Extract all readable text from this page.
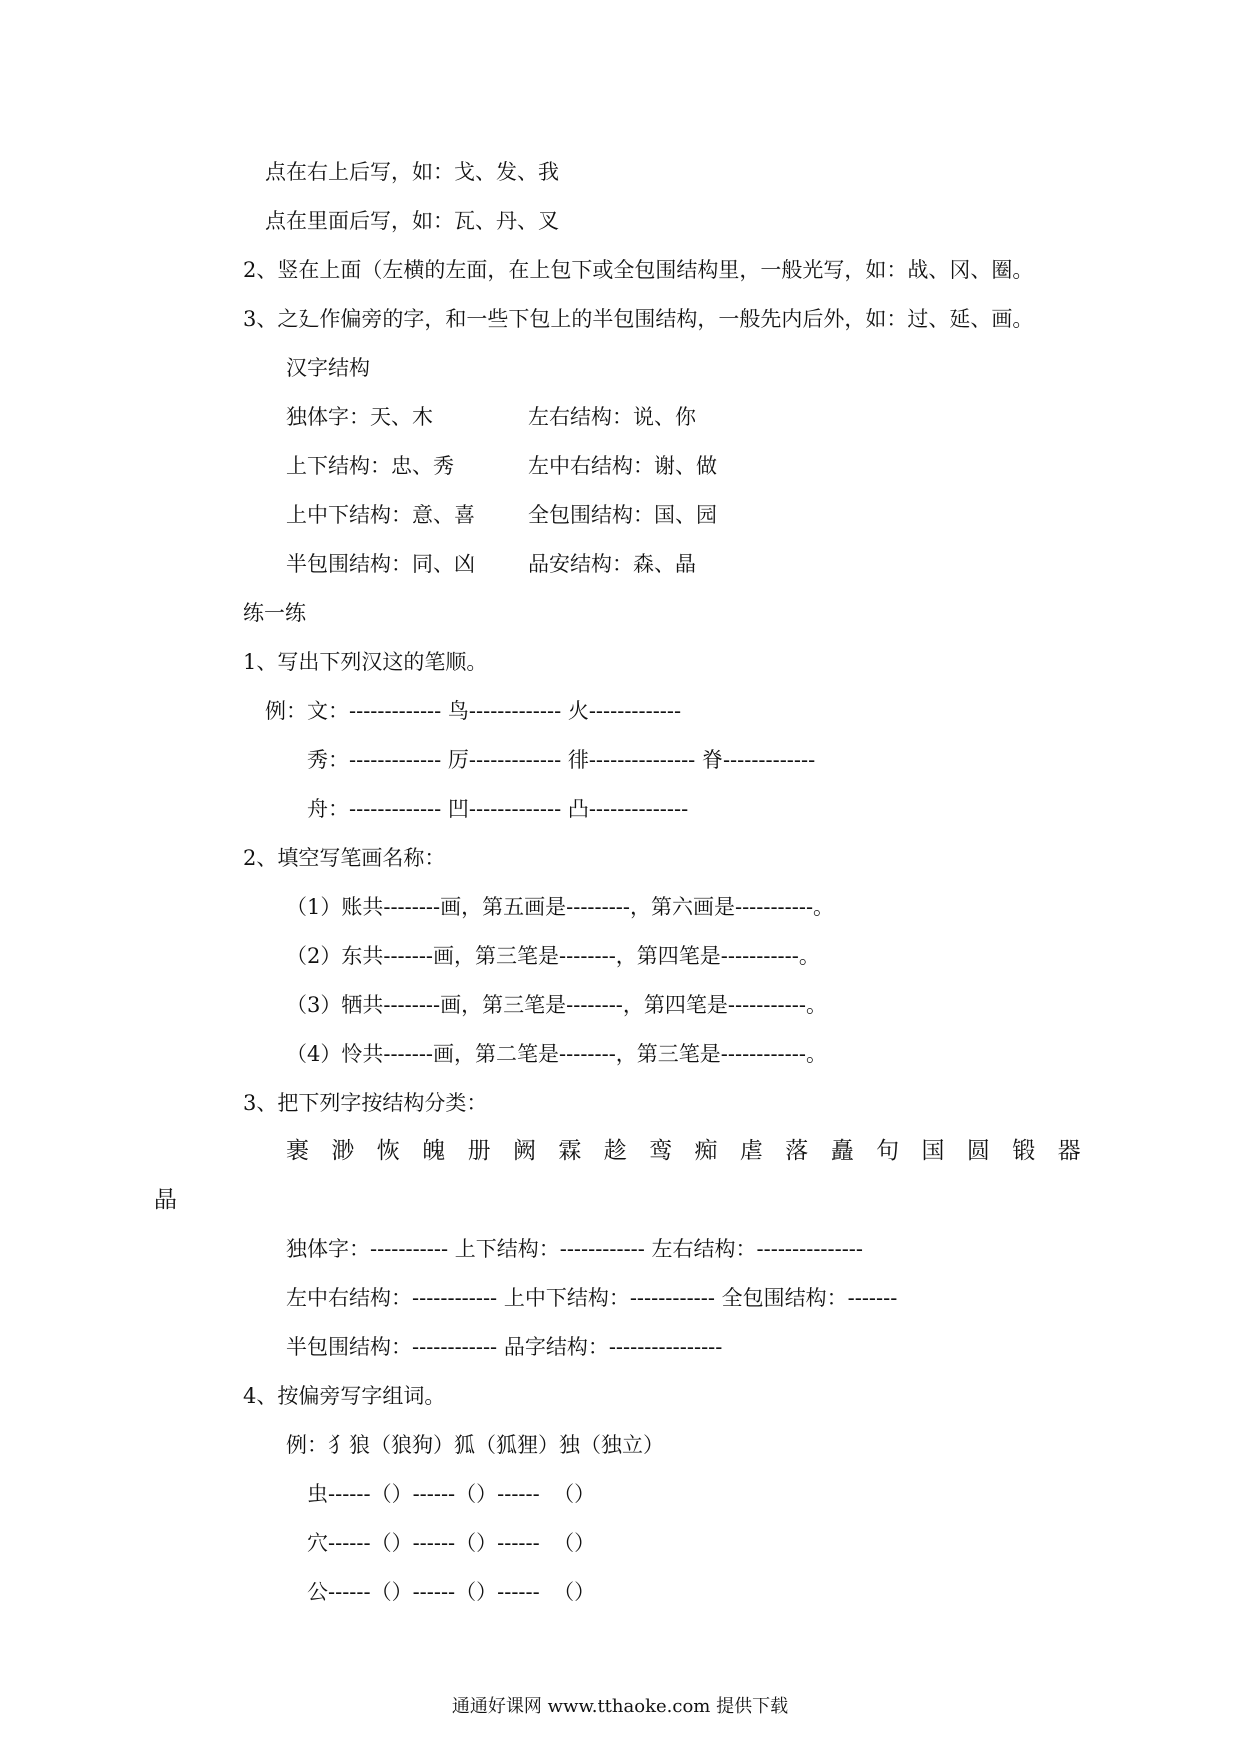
点在右上后写，如：戈、发、我
点在里面后写，如：瓦、丹、叉
2、竖在上面（左横的左面，在上包下或全包围结构里，一般光写，如：战、冈、圈。
3、之廴作偏旁的字，和一些下包上的半包围结构，一般先内后外，如：过、延、画。
汉字结构
独体字：天、木	左右结构：说、你
上下结构：忠、秀	左中右结构：谢、做
上中下结构：意、喜	全包围结构：国、园
半包围结构：同、凶	品安结构：森、晶
练一练
1、写出下列汉这的笔顺。
例：文：------------- 鸟------------- 火-------------
秀：------------- 厉------------- 徘--------------- 脊-------------
舟：------------- 凹------------- 凸--------------
2、填空写笔画名称：
（1）账共--------画，第五画是---------，第六画是-----------。
（2）东共-------画，第三笔是--------，第四笔是-----------。
（3）牺共--------画，第三笔是--------，第四笔是-----------。
（4）怜共-------画，第二笔是--------，第三笔是------------。
3、把下列字按结构分类：
裹 渺 恢 魄 册 阙 霖 趁 鸾 痴 虐 落 矗 句 国 圆 锻 器
晶
独体字：----------- 上下结构：------------ 左右结构：---------------
左中右结构：------------ 上中下结构：------------ 全包围结构：-------
半包围结构：------------ 品字结构：----------------
4、按偏旁写字组词。
例：犭狼（狼狗）狐（狐狸）独（独立）
虫------（）------（）------  （）
穴------（）------（）------  （）
公------（）------（）------  （）
通通好课网 www.tthaoke.com 提供下载
